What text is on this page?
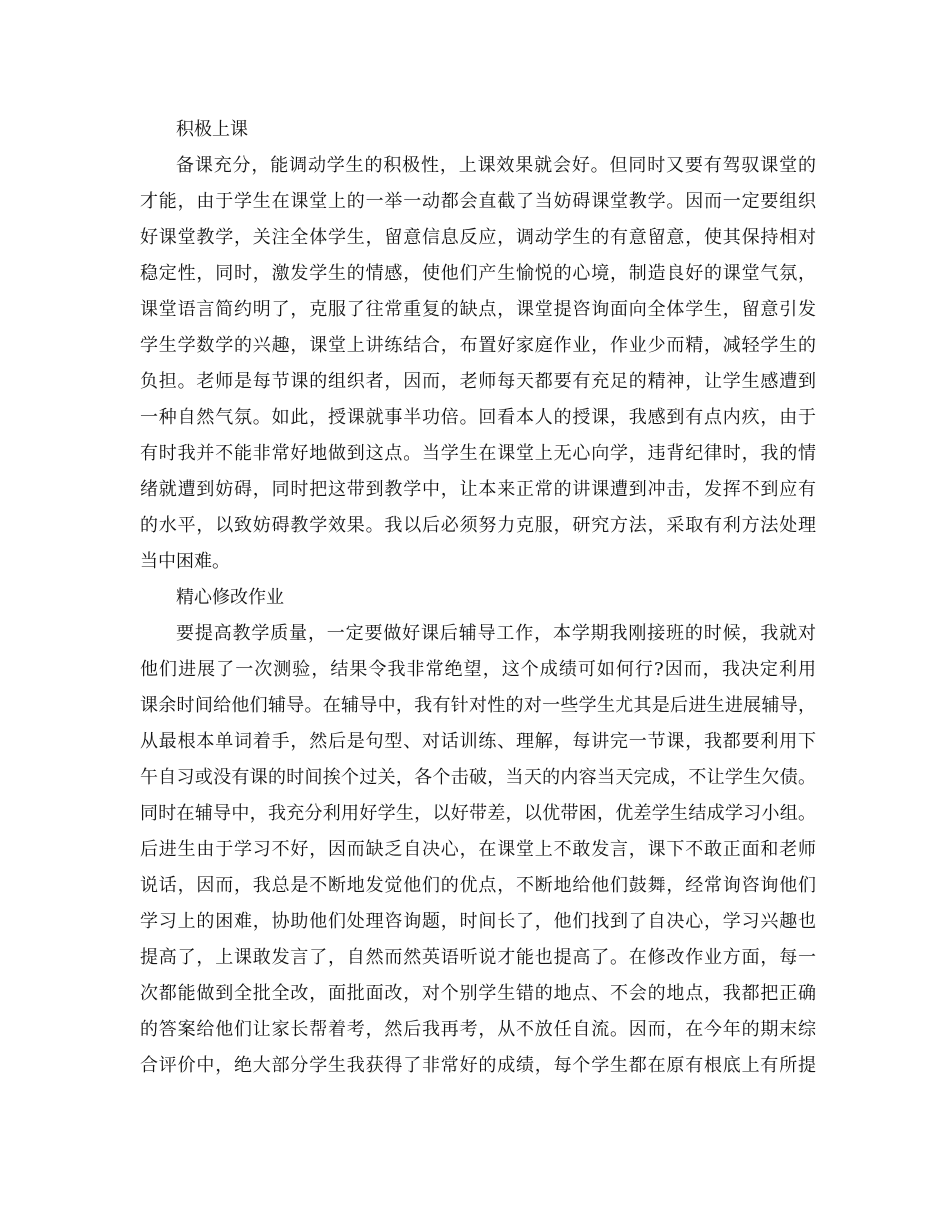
积极上课
备课充分，能调动学生的积极性，上课效果就会好。但同时又要有驾驭课堂的
才能，由于学生在课堂上的一举一动都会直截了当妨碍课堂教学。因而一定要组织
好课堂教学，关注全体学生，留意信息反应，调动学生的有意留意，使其保持相对
稳定性，同时，激发学生的情感，使他们产生愉悦的心境，制造良好的课堂气氛，
课堂语言简约明了，克服了往常重复的缺点，课堂提咨询面向全体学生，留意引发
学生学数学的兴趣，课堂上讲练结合，布置好家庭作业，作业少而精，减轻学生的
负担。老师是每节课的组织者，因而，老师每天都要有充足的精神，让学生感遭到
一种自然气氛。如此，授课就事半功倍。回看本人的授课，我感到有点内疚，由于
有时我并不能非常好地做到这点。当学生在课堂上无心向学，违背纪律时，我的情
绪就遭到妨碍，同时把这带到教学中，让本来正常的讲课遭到冲击，发挥不到应有
的水平，以致妨碍教学效果。我以后必须努力克服，研究方法，采取有利方法处理
当中困难。
精心修改作业
要提高教学质量，一定要做好课后辅导工作，本学期我刚接班的时候，我就对
他们进展了一次测验，结果令我非常绝望，这个成绩可如何行?因而，我决定利用
课余时间给他们辅导。在辅导中，我有针对性的对一些学生尤其是后进生进展辅导，
从最根本单词着手，然后是句型、对话训练、理解，每讲完一节课，我都要利用下
午自习或没有课的时间挨个过关，各个击破，当天的内容当天完成，不让学生欠债。
同时在辅导中，我充分利用好学生，以好带差，以优带困，优差学生结成学习小组。
后进生由于学习不好，因而缺乏自决心，在课堂上不敢发言，课下不敢正面和老师
说话，因而，我总是不断地发觉他们的优点，不断地给他们鼓舞，经常询咨询他们
学习上的困难，协助他们处理咨询题，时间长了，他们找到了自决心，学习兴趣也
提高了，上课敢发言了，自然而然英语听说才能也提高了。在修改作业方面，每一
次都能做到全批全改，面批面改，对个别学生错的地点、不会的地点，我都把正确
的答案给他们让家长帮着考，然后我再考，从不放任自流。因而，在今年的期末综
合评价中，绝大部分学生我获得了非常好的成绩，每个学生都在原有根底上有所提
